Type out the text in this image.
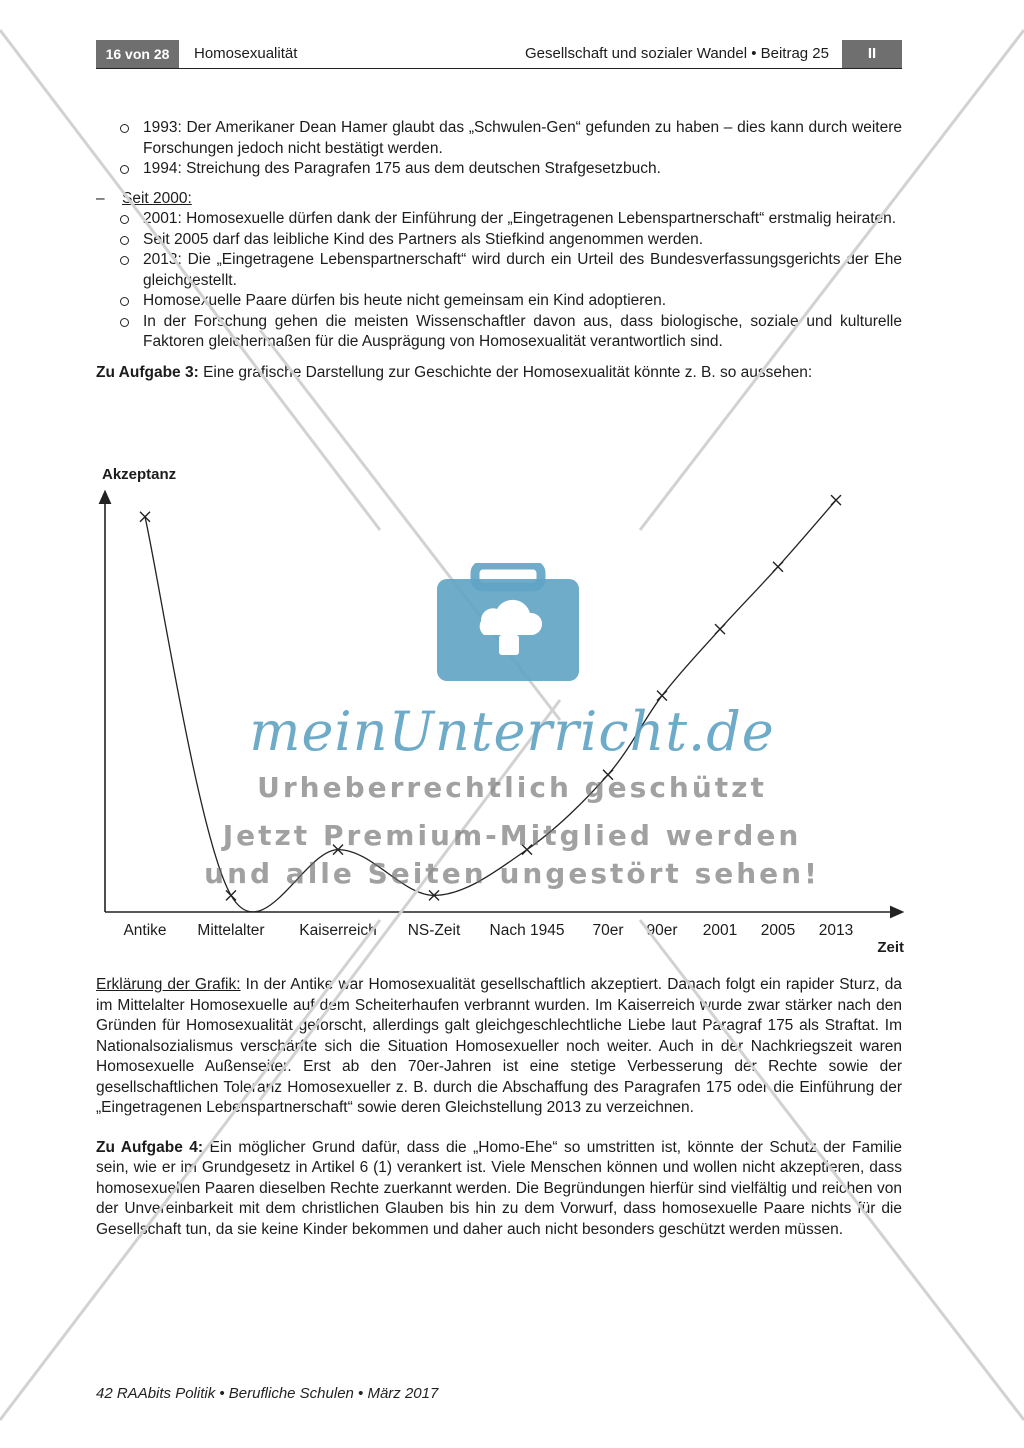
16 von 28	Homosexualität	Gesellschaft und sozialer Wandel • Beitrag 25	II
1993: Der Amerikaner Dean Hamer glaubt das „Schwulen-Gen“ gefunden zu haben – dies kann durch weitere Forschungen jedoch nicht bestätigt werden.
1994: Streichung des Paragrafen 175 aus dem deutschen Strafgesetzbuch.
– Seit 2000:
2001: Homosexuelle dürfen dank der Einführung der „Eingetragenen Lebenspartnerschaft“ erstmalig heiraten.
Seit 2005 darf das leibliche Kind des Partners als Stiefkind angenommen werden.
2013: Die „Eingetragene Lebenspartnerschaft“ wird durch ein Urteil des Bundesverfassungsgerichts der Ehe gleichgestellt.
Homosexuelle Paare dürfen bis heute nicht gemeinsam ein Kind adoptieren.
In der Forschung gehen die meisten Wissenschaftler davon aus, dass biologische, soziale und kulturelle Faktoren gleichermaßen für die Ausprägung von Homosexualität verantwortlich sind.
Zu Aufgabe 3: Eine grafische Darstellung zur Geschichte der Homosexualität könnte z. B. so aussehen:
Akzeptanz
Zeit
Antike Mittelalter Kaiserreich NS-Zeit Nach 1945 70er 90er 2001 2005 2013
Erklärung der Grafik: In der Antike war Homosexualität gesellschaftlich akzeptiert. Danach folgt ein rapider Sturz, da im Mittelalter Homosexuelle auf dem Scheiterhaufen verbrannt wurden. Im Kaiserreich wurde zwar stärker nach den Gründen für Homosexualität geforscht, allerdings galt gleichgeschlechtliche Liebe laut Paragraf 175 als Straftat. Im Nationalsozialismus verschärfte sich die Situation Homosexueller noch weiter. Auch in der Nachkriegszeit waren Homosexuelle Außenseiter. Erst ab den 70er-Jahren ist eine stetige Verbesserung der Rechte sowie der gesellschaftlichen Toleranz Homosexueller z. B. durch die Abschaffung des Paragrafen 175 oder die Einführung der „Eingetragenen Lebenspartnerschaft“ sowie deren Gleichstellung 2013 zu verzeichnen.
Zu Aufgabe 4: Ein möglicher Grund dafür, dass die „Homo-Ehe“ so umstritten ist, könnte der Schutz der Familie sein, wie er im Grundgesetz in Artikel 6 (1) verankert ist. Viele Menschen können und wollen nicht akzeptieren, dass homosexuellen Paaren dieselben Rechte zuerkannt werden. Die Begründungen hierfür sind vielfältig und reichen von der Unvereinbarkeit mit dem christlichen Glauben bis hin zu dem Vorwurf, dass homosexuelle Paare nichts für die Gesellschaft tun, da sie keine Kinder bekommen und daher auch nicht besonders geschützt werden müssen.
42 RAAbits Politik • Berufliche Schulen • März 2017
meinUnterricht.de
Urheberrechtlich geschützt
Jetzt Premium-Mitglied werden
und alle Seiten ungestört sehen!
